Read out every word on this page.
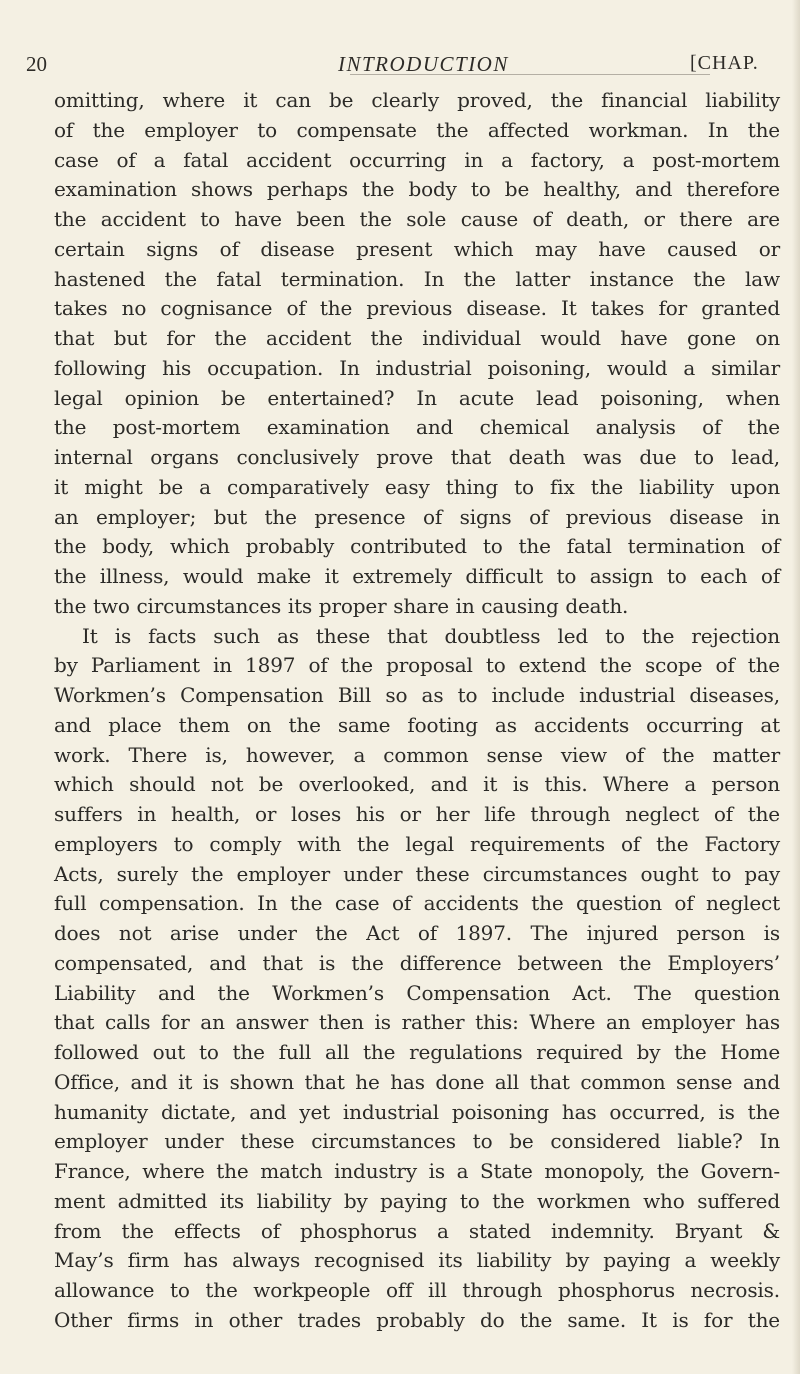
20	INTRODUCTION	[CHAP.
omitting, where it can be clearly proved, the financial liability
of the employer to compensate the affected workman. In the
case of a fatal accident occurring in a factory, a post-mortem
examination shows perhaps the body to be healthy, and therefore
the accident to have been the sole cause of death, or there are
certain signs of disease present which may have caused or
hastened the fatal termination. In the latter instance the law
takes no cognisance of the previous disease. It takes for granted
that but for the accident the individual would have gone on
following his occupation. In industrial poisoning, would a similar
legal opinion be entertained? In acute lead poisoning, when
the post-mortem examination and chemical analysis of the
internal organs conclusively prove that death was due to lead,
it might be a comparatively easy thing to fix the liability upon
an employer; but the presence of signs of previous disease in
the body, which probably contributed to the fatal termination of
the illness, would make it extremely difficult to assign to each of
the two circumstances its proper share in causing death.
It is facts such as these that doubtless led to the rejection
by Parliament in 1897 of the proposal to extend the scope of the
Workmen’s Compensation Bill so as to include industrial diseases,
and place them on the same footing as accidents occurring at
work. There is, however, a common sense view of the matter
which should not be overlooked, and it is this. Where a person
suffers in health, or loses his or her life through neglect of the
employers to comply with the legal requirements of the Factory
Acts, surely the employer under these circumstances ought to pay
full compensation. In the case of accidents the question of neglect
does not arise under the Act of 1897. The injured person is
compensated, and that is the difference between the Employers’
Liability and the Workmen’s Compensation Act. The question
that calls for an answer then is rather this: Where an employer has
followed out to the full all the regulations required by the Home
Office, and it is shown that he has done all that common sense and
humanity dictate, and yet industrial poisoning has occurred, is the
employer under these circumstances to be considered liable? In
France, where the match industry is a State monopoly, the Govern-
ment admitted its liability by paying to the workmen who suffered
from the effects of phosphorus a stated indemnity. Bryant &
May’s firm has always recognised its liability by paying a weekly
allowance to the workpeople off ill through phosphorus necrosis.
Other firms in other trades probably do the same. It is for the
